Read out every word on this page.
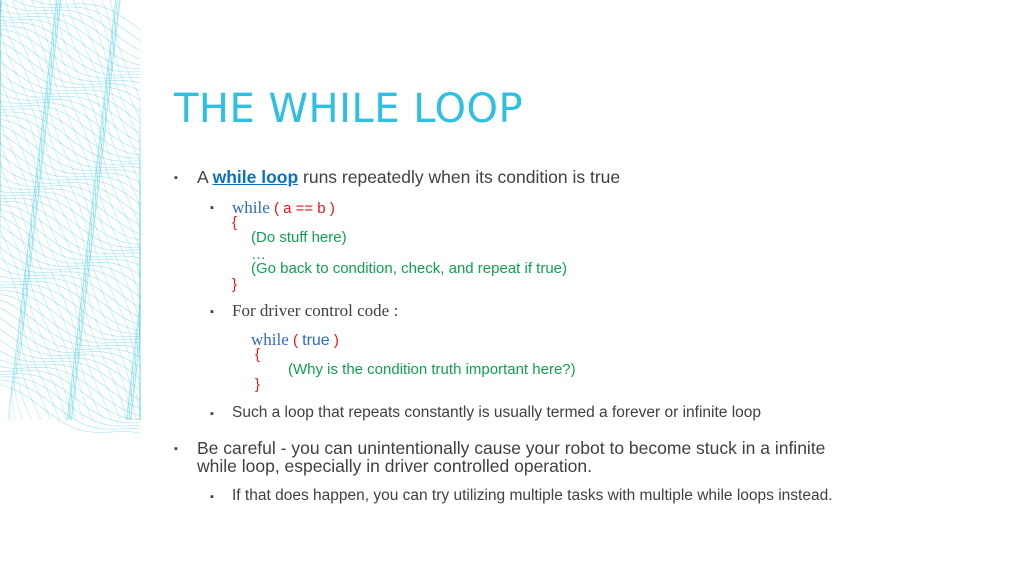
THE WHILE LOOP
▪ A while loop runs repeatedly when its condition is true
▪ while ( a == b )
{
(Do stuff here)
…
(Go back to condition, check, and repeat if true)
}
▪ For driver control code :
while ( true )
{
(Why is the condition truth important here?)
}
▪ Such a loop that repeats constantly is usually termed a forever or infinite loop
▪ Be careful - you can unintentionally cause your robot to become stuck in a infinite
while loop, especially in driver controlled operation.
▪ If that does happen, you can try utilizing multiple tasks with multiple while loops instead.
